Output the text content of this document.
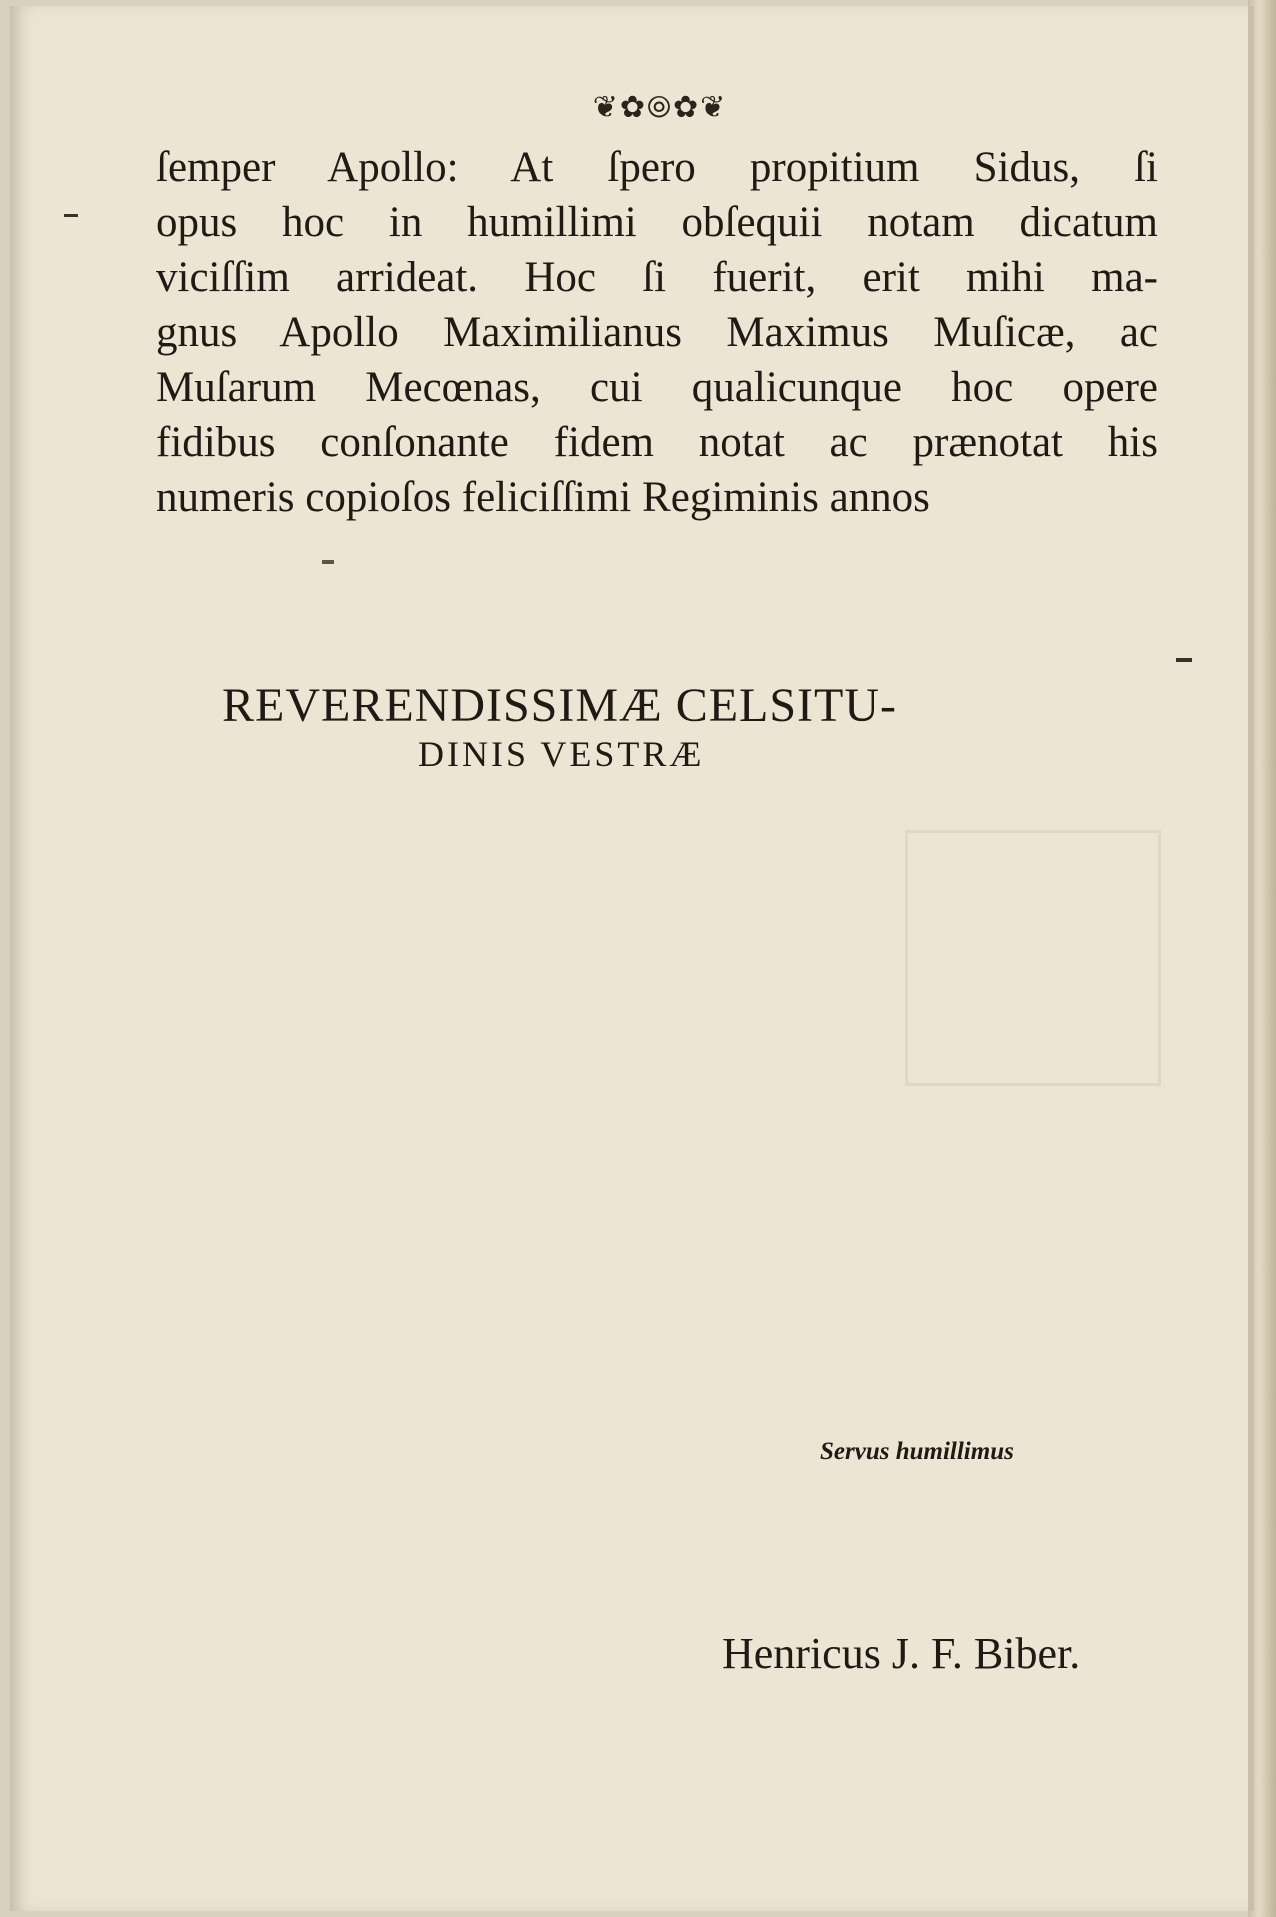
❦✿⦾✿❦
ſemper Apollo: At ſpero propitium Sidus, ſi
opus hoc in humillimi obſequii notam dicatum
viciſſim arrideat. Hoc ſi fuerit, erit mihi ma-
gnus Apollo Maximilianus Maximus Muſicæ, ac
Muſarum Mecœnas, cui qualicunque hoc opere
fidibus conſonante fidem notat ac prænotat his
numeris copioſos feliciſſimi Regiminis annos
REVERENDISSIMÆ CELSITU-
DINIS VESTRÆ
Servus humillimus
Henricus J. F. Biber.
